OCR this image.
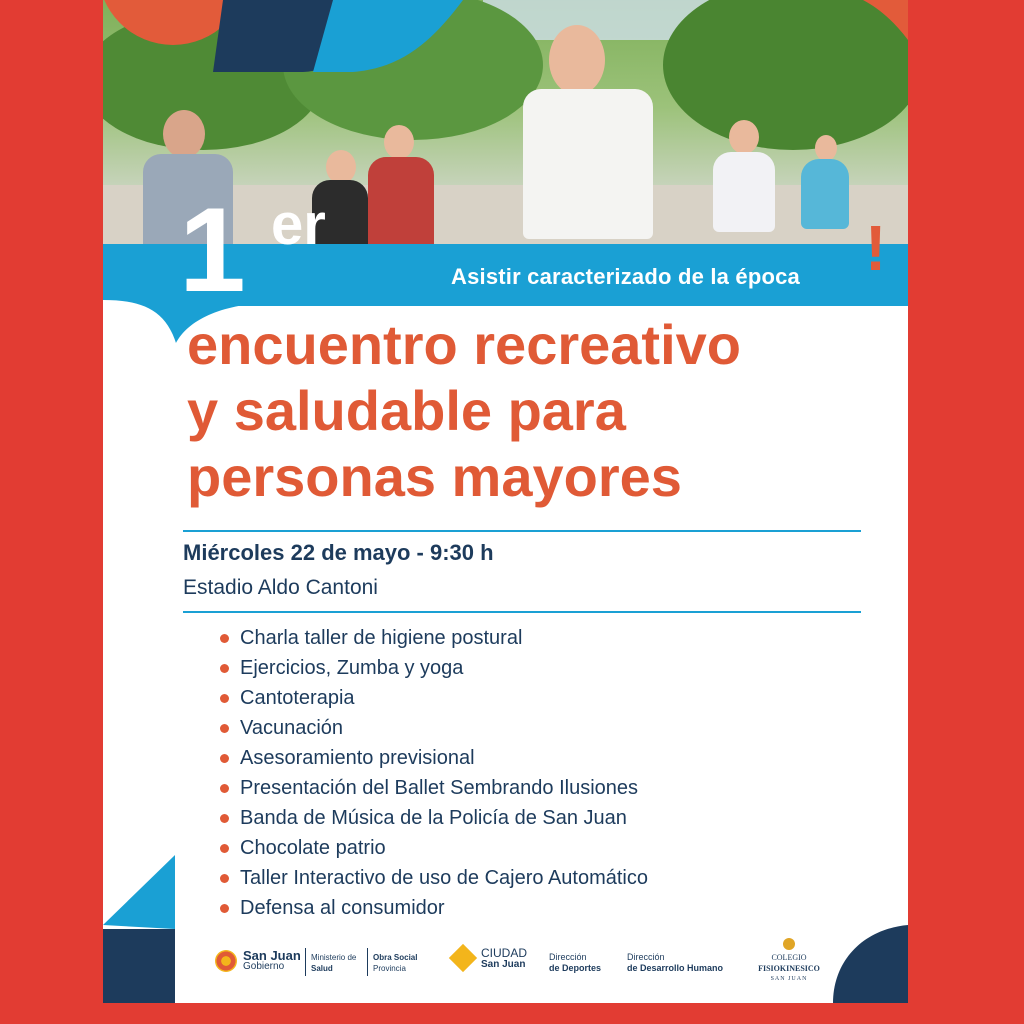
Asistir caracterizado de la época !
1 er
encuentro recreativo
y saludable para
personas mayores
Miércoles 22 de mayo - 9:30 h
Estadio Aldo Cantoni
Charla taller de higiene postural
Ejercicios, Zumba y yoga
Cantoterapia
Vacunación
Asesoramiento previsional
Presentación del Ballet Sembrando Ilusiones
Banda de Música de la Policía de San Juan
Chocolate patrio
Taller Interactivo de uso de Cajero Automático
Defensa al consumidor
San Juan
Gobierno
Ministerio de
Salud
Obra Social
Provincia
CIUDAD
San Juan
Dirección
de Deportes
Dirección
de Desarrollo Humano
COLEGIO
FISIOKINESICO
SAN JUAN
